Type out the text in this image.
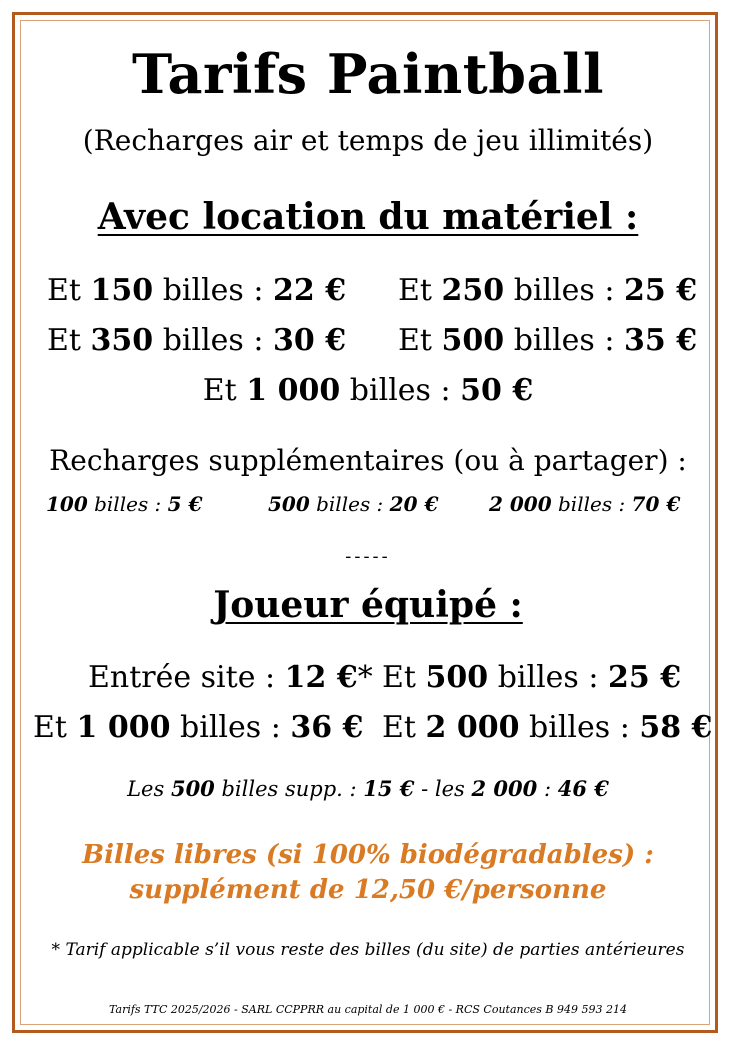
Tarifs Paintball
(Recharges air et temps de jeu illimités)
Avec location du matériel :
Et 150 billes : 22 € Et 250 billes : 25 €
Et 350 billes : 30 € Et 500 billes : 35 €
Et 1 000 billes : 50 €
Recharges supplémentaires (ou à partager) :
100 billes : 5 €	500 billes : 20 €	2 000 billes : 70 €
-----
Joueur équipé :
Entrée site : 12 €* Et 500 billes : 25 €
Et 1 000 billes : 36 € Et 2 000 billes : 58 €
Les 500 billes supp. : 15 € - les 2 000 : 46 €
Billes libres (si 100% biodégradables) :
supplément de 12,50 €/personne
* Tarif applicable s’il vous reste des billes (du site) de parties antérieures
Tarifs TTC 2025/2026 - SARL CCPPRR au capital de 1 000 € - RCS Coutances B 949 593 214
